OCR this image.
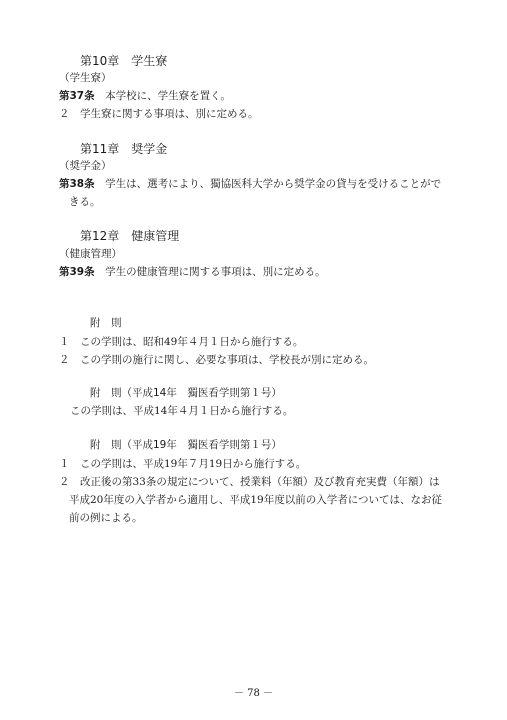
第10章　学生寮
（学生寮）
第37条　本学校に、学生寮を置く。
２　学生寮に関する事項は、別に定める。
第11章　奨学金
（奨学金）
第38条　学生は、選考により、獨協医科大学から奨学金の貸与を受けることがで
きる。
第12章　健康管理
（健康管理）
第39条　学生の健康管理に関する事項は、別に定める。
附　則
１　この学則は、昭和49年４月１日から施行する。
２　この学則の施行に関し、必要な事項は、学校長が別に定める。
附　則（平成14年　獨医看学則第１号）
この学則は、平成14年４月１日から施行する。
附　則（平成19年　獨医看学則第１号）
１　この学則は、平成19年７月19日から施行する。
２　改正後の第33条の規定について、授業料（年額）及び教育充実費（年額）は
平成20年度の入学者から適用し、平成19年度以前の入学者については、なお従
前の例による。
－ 78 －
